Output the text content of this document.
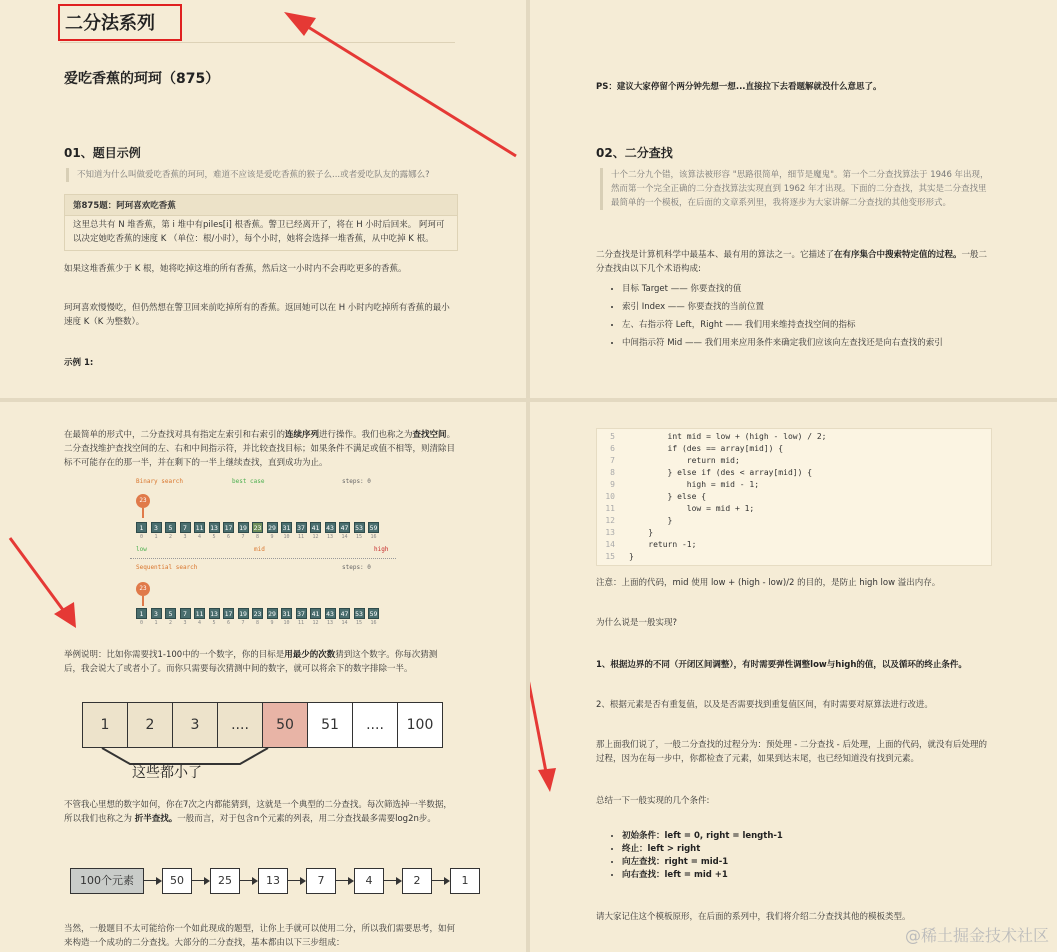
二分法系列
爱吃香蕉的珂珂（875）
01、题目示例
不知道为什么叫做爱吃香蕉的珂珂，难道不应该是爱吃香蕉的猴子么...或者爱吃队友的露娜么?
第875题：阿珂喜欢吃香蕉
这里总共有 N 堆香蕉，第 i 堆中有piles[i] 根香蕉。警卫已经离开了，将在 H 小时后回来。 阿珂可以决定她吃香蕉的速度 K （单位：根/小时），每个小时，她将会选择一堆香蕉，从中吃掉 K 根。
如果这堆香蕉少于 K 根，她将吃掉这堆的所有香蕉，然后这一小时内不会再吃更多的香蕉。
珂珂喜欢慢慢吃，但仍然想在警卫回来前吃掉所有的香蕉。返回她可以在 H 小时内吃掉所有香蕉的最小速度 K（K 为整数）。
示例 1:
PS：建议大家停留个两分钟先想一想...直接拉下去看题解就没什么意思了。
02、二分查找
十个二分九个错，该算法被形容 "思路很简单，细节是魔鬼"。第一个二分查找算法于 1946 年出现，然而第一个完全正确的二分查找算法实现直到 1962 年才出现。下面的二分查找，其实是二分查找里最简单的一个模板，在后面的文章系列里，我将逐步为大家讲解二分查找的其他变形形式。
二分查找是计算机科学中最基本、最有用的算法之一。它描述了在有序集合中搜索特定值的过程。一般二分查找由以下几个术语构成:
• 目标 Target —— 你要查找的值
• 索引 Index —— 你要查找的当前位置
• 左、右指示符 Left，Right —— 我们用来维持查找空间的指标
• 中间指示符 Mid —— 我们用来应用条件来确定我们应该向左查找还是向右查找的索引
在最简单的形式中，二分查找对具有指定左索引和右索引的连续序列进行操作。我们也称之为查找空间。二分查找维护查找空间的左、右和中间指示符，并比较查找目标；如果条件不满足或值不相等，则清除目标不可能存在的那一半，并在剩下的一半上继续查找，直到成功为止。
Binary search	best case	steps: 0
23
1
0
3
1
5
2
7
3
11
4
13
5
17
6
19
7
23
8
29
9
31
10
37
11
41
12
43
13
47
14
53
15
59
16
low	mid	high
Sequential search	steps: 0
23
1
0
3
1
5
2
7
3
11
4
13
5
17
6
19
7
23
8
29
9
31
10
37
11
41
12
43
13
47
14
53
15
59
16
举例说明：比如你需要找1-100中的一个数字，你的目标是用最少的次数猜到这个数字。你每次猜测后，我会说大了或者小了。而你只需要每次猜测中间的数字，就可以将余下的数字排除一半。
1	2	3	....	50	51	....	100
这些都小了
不管我心里想的数字如何，你在7次之内都能猜到，这就是一个典型的二分查找。每次筛选掉一半数据，所以我们也称之为 折半查找。一般而言，对于包含n个元素的列表，用二分查找最多需要log2n步。
100个元素	50	25	13	7	4	2	1
当然，一般题目不太可能给你一个如此现成的题型，让你上手就可以使用二分，所以我们需要思考，如何来构造一个成功的二分查找。大部分的二分查找，基本都由以下三步组成：
5        int mid = low + (high - low) / 2;
6        if (des == array[mid]) {
7            return mid;
8        } else if (des < array[mid]) {
9            high = mid - 1;
10        } else {
11            low = mid + 1;
12        }
13    }
14    return -1;
15 }
注意：上面的代码，mid 使用 low + (high - low)/2 的目的，是防止 high low 溢出内存。
为什么说是一般实现?
1、根据边界的不同（开闭区间调整），有时需要弹性调整low与high的值，以及循环的终止条件。
2、根据元素是否有重复值，以及是否需要找到重复值区间，有时需要对原算法进行改进。
那上面我们说了，一般二分查找的过程分为：预处理 - 二分查找 - 后处理，上面的代码，就没有后处理的过程，因为在每一步中，你都检查了元素，如果到达末尾，也已经知道没有找到元素。
总结一下一般实现的几个条件:
• 初始条件：left = 0, right = length-1
• 终止：left > right
• 向左查找：right = mid-1
• 向右查找：left = mid +1
请大家记住这个模板原形，在后面的系列中，我们将介绍二分查找其他的模板类型。
@稀土掘金技术社区
